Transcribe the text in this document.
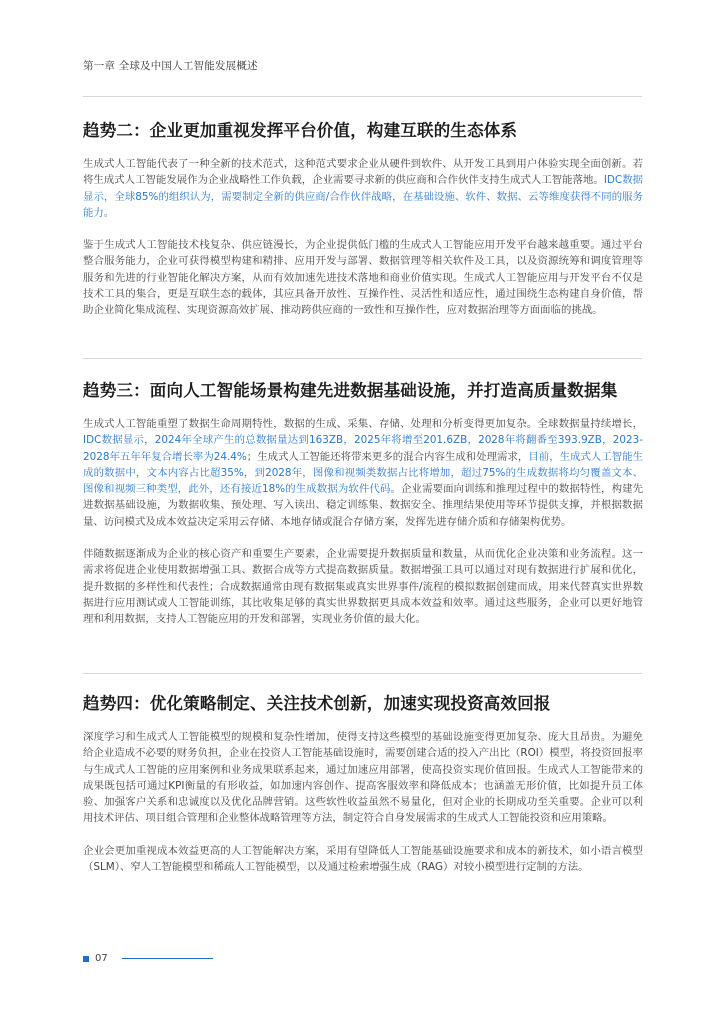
第一章 全球及中国人工智能发展概述
趋势二：企业更加重视发挥平台价值，构建互联的生态体系

生成式人工智能代表了一种全新的技术范式，这种范式要求企业从硬件到软件、从开发工具到用户体验实现全面创新。若将生成式人工智能发展作为企业战略性工作负载，企业需要寻求新的供应商和合作伙伴支持生成式人工智能落地。IDC数据显示，全球85%的组织认为，需要制定全新的供应商/合作伙伴战略，在基础设施、软件、数据、云等维度获得不同的服务能力。

鉴于生成式人工智能技术栈复杂、供应链漫长，为企业提供低门槛的生成式人工智能应用开发平台越来越重要。通过平台整合服务能力，企业可获得模型构建和精排、应用开发与部署、数据管理等相关软件及工具，以及资源统筹和调度管理等服务和先进的行业智能化解决方案，从而有效加速先进技术落地和商业价值实现。生成式人工智能应用与开发平台不仅是技术工具的集合，更是互联生态的载体，其应具备开放性、互操作性、灵活性和适应性，通过围绕生态构建自身价值，帮助企业简化集成流程、实现资源高效扩展、推动跨供应商的一致性和互操作性，应对数据治理等方面面临的挑战。

趋势三：面向人工智能场景构建先进数据基础设施，并打造高质量数据集

生成式人工智能重塑了数据生命周期特性，数据的生成、采集、存储、处理和分析变得更加复杂。全球数据量持续增长，IDC数据显示，2024年全球产生的总数据量达到163ZB，2025年将增至201.6ZB，2028年将翻番至393.9ZB，2023-2028年五年年复合增长率为24.4%；生成式人工智能还将带来更多的混合内容生成和处理需求，目前，生成式人工智能生成的数据中，文本内容占比超35%，到2028年，图像和视频类数据占比将增加，超过75%的生成数据将均匀覆盖文本、图像和视频三种类型，此外，还有接近18%的生成数据为软件代码。企业需要面向训练和推理过程中的数据特性，构建先进数据基础设施，为数据收集、预处理、写入读出、稳定训练集、数据安全、推理结果使用等环节提供支撑，并根据数据量、访问模式及成本效益决定采用云存储、本地存储或混合存储方案，发挥先进存储介质和存储架构优势。

伴随数据逐渐成为企业的核心资产和重要生产要素，企业需要提升数据质量和数量，从而优化企业决策和业务流程。这一需求将促进企业使用数据增强工具、数据合成等方式提高数据质量。数据增强工具可以通过对现有数据进行扩展和优化，提升数据的多样性和代表性；合成数据通常由现有数据集或真实世界事件/流程的模拟数据创建而成，用来代替真实世界数据进行应用测试或人工智能训练，其比收集足够的真实世界数据更具成本效益和效率。通过这些服务，企业可以更好地管理和利用数据，支持人工智能应用的开发和部署，实现业务价值的最大化。

趋势四：优化策略制定、关注技术创新，加速实现投资高效回报

深度学习和生成式人工智能模型的规模和复杂性增加，使得支持这些模型的基础设施变得更加复杂、庞大且昂贵。为避免给企业造成不必要的财务负担，企业在投资人工智能基础设施时，需要创建合适的投入产出比（ROI）模型，将投资回报率与生成式人工智能的应用案例和业务成果联系起来，通过加速应用部署，使高投资实现价值回报。生成式人工智能带来的成果既包括可通过KPI衡量的有形收益，如加速内容创作、提高客服效率和降低成本；也涵盖无形价值，比如提升员工体验、加强客户关系和忠诚度以及优化品牌营销。这些软性收益虽然不易量化，但对企业的长期成功至关重要。企业可以利用技术评估、项目组合管理和企业整体战略管理等方法，制定符合自身发展需求的生成式人工智能投资和应用策略。

企业会更加重视成本效益更高的人工智能解决方案，采用有望降低人工智能基础设施要求和成本的新技术，如小语言模型（SLM）、窄人工智能模型和稀疏人工智能模型，以及通过检索增强生成（RAG）对较小模型进行定制的方法。

07
